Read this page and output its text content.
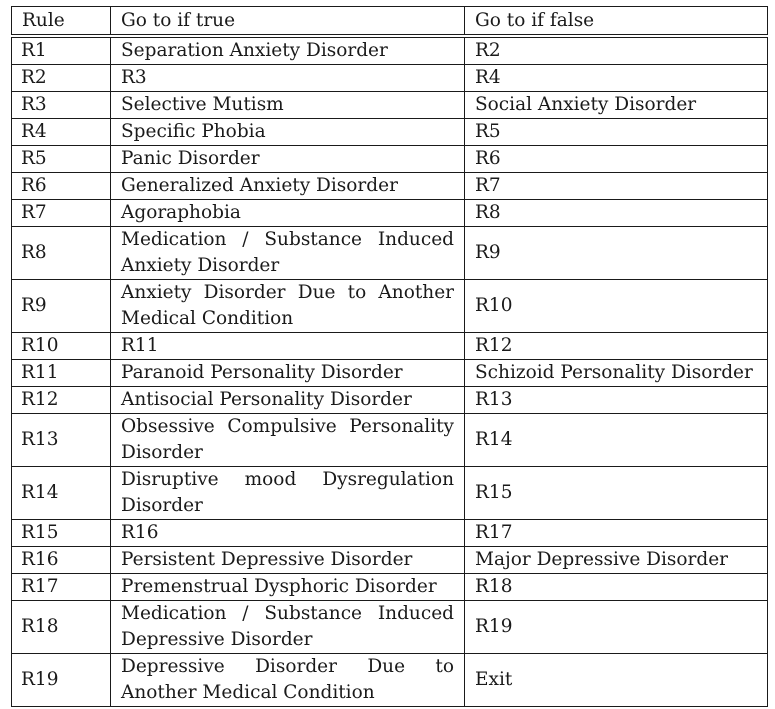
Rule	Go to if true	Go to if false
R1	Separation Anxiety Disorder	R2
R2	R3	R4
R3	Selective Mutism	Social Anxiety Disorder
R4	Specific Phobia	R5
R5	Panic Disorder	R6
R6	Generalized Anxiety Disorder	R7
R7	Agoraphobia	R8
R8	Medication / Substance Induced Anxiety Disorder	R9
R9	Anxiety Disorder Due to Another Medical Condition	R10
R10	R11	R12
R11	Paranoid Personality Disorder	Schizoid Personality Disorder
R12	Antisocial Personality Disorder	R13
R13	Obsessive Compulsive Personality Disorder	R14
R14	Disruptive mood Dysregulation Disorder	R15
R15	R16	R17
R16	Persistent Depressive Disorder	Major Depressive Disorder
R17	Premenstrual Dysphoric Disorder	R18
R18	Medication / Substance Induced Depressive Disorder	R19
R19	Depressive Disorder Due to Another Medical Condition	Exit
